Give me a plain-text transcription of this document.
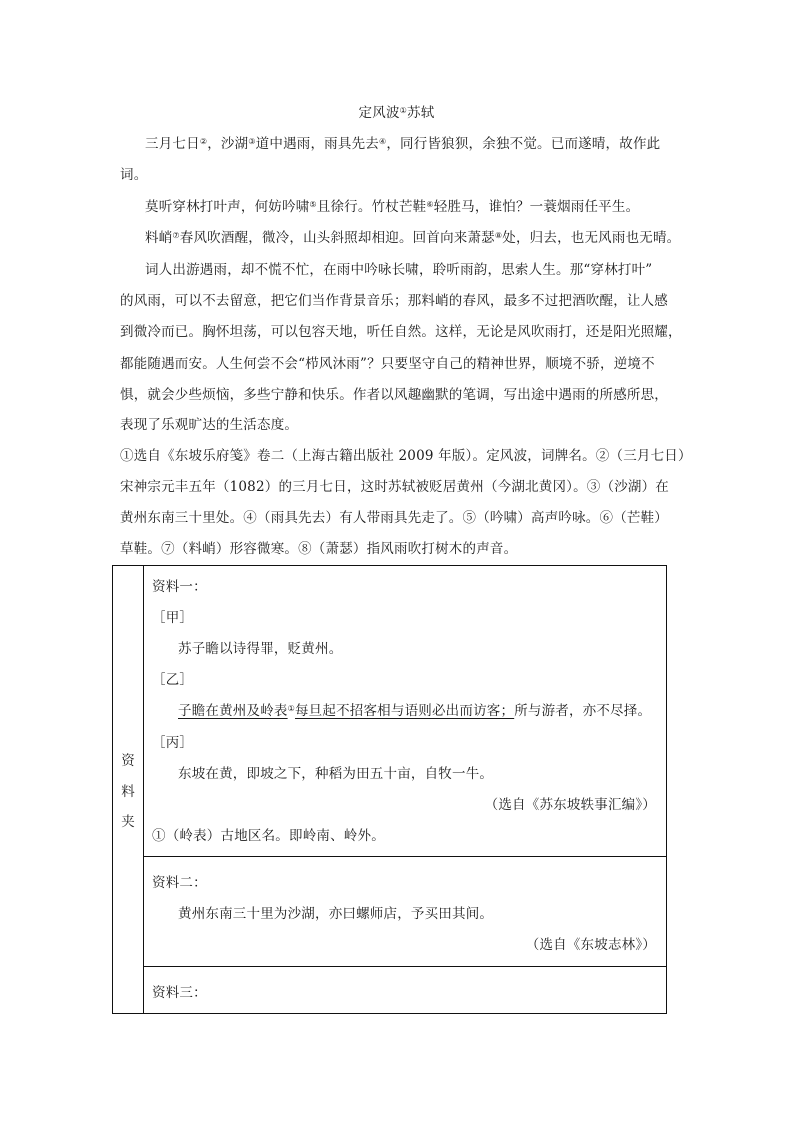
定风波①苏轼
三月七日②，沙湖③道中遇雨，雨具先去④，同行皆狼狈，余独不觉。已而遂晴，故作此
词。
莫听穿林打叶声，何妨吟啸⑤且徐行。竹杖芒鞋⑥轻胜马，谁怕？一蓑烟雨任平生。
料峭⑦春风吹酒醒，微冷，山头斜照却相迎。回首向来萧瑟⑧处，归去，也无风雨也无晴。
词人出游遇雨，却不慌不忙，在雨中吟咏长啸，聆听雨韵，思索人生。那“穿林打叶”
的风雨，可以不去留意，把它们当作背景音乐；那料峭的春风，最多不过把酒吹醒，让人感
到微冷而已。胸怀坦荡，可以包容天地，听任自然。这样，无论是风吹雨打，还是阳光照耀，
都能随遇而安。人生何尝不会“栉风沐雨”？只要坚守自己的精神世界，顺境不骄，逆境不
惧，就会少些烦恼，多些宁静和快乐。作者以风趣幽默的笔调，写出途中遇雨的所感所思，
表现了乐观旷达的生活态度。
①选自《东坡乐府笺》卷二（上海古籍出版社 2009 年版）。定风波，词牌名。②（三月七日）
宋神宗元丰五年（1082）的三月七日，这时苏轼被贬居黄州（今湖北黄冈）。③（沙湖）在
黄州东南三十里处。④（雨具先去）有人带雨具先走了。⑤（吟啸）高声吟咏。⑥（芒鞋）
草鞋。⑦（料峭）形容微寒。⑧（萧瑟）指风雨吹打树木的声音。
资
料
夹
资料一：
［甲］
苏子瞻以诗得罪，贬黄州。
［乙］
子瞻在黄州及岭表①每旦起不招客相与语则必出而访客；所与游者，亦不尽择。
［丙］
东坡在黄，即坡之下，种稻为田五十亩，自牧一牛。
（选自《苏东坡轶事汇编》）
①（岭表）古地区名。即岭南、岭外。
资料二：
黄州东南三十里为沙湖，亦曰螺师店，予买田其间。
（选自《东坡志林》）
资料三：
